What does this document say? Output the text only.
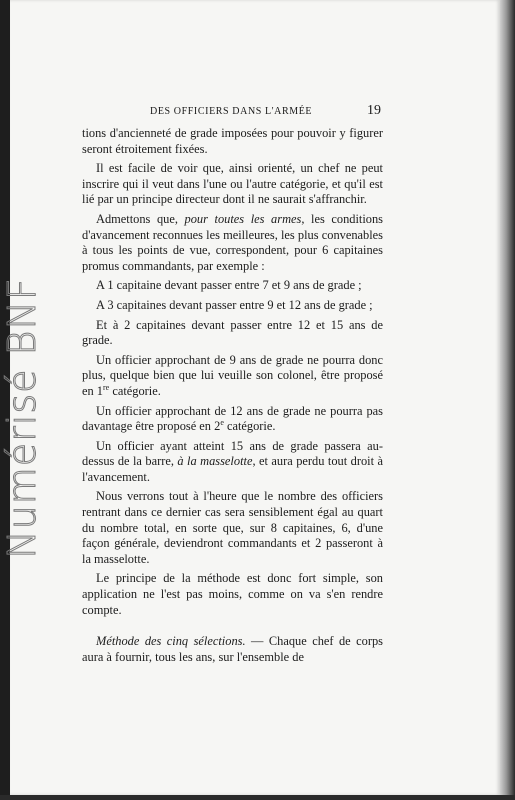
Numérisé BNF
DES OFFICIERS DANS L'ARMÉE	19

tions d'ancienneté de grade imposées pour pouvoir y figurer seront étroitement fixées.

Il est facile de voir que, ainsi orienté, un chef ne peut inscrire qui il veut dans l'une ou l'autre catégorie, et qu'il est lié par un principe directeur dont il ne saurait s'affranchir.

Admettons que, pour toutes les armes, les conditions d'avancement reconnues les meilleures, les plus convenables à tous les points de vue, correspondent, pour 6 capitaines promus commandants, par exemple :

A 1 capitaine devant passer entre 7 et 9 ans de grade ;

A 3 capitaines devant passer entre 9 et 12 ans de grade ;

Et à 2 capitaines devant passer entre 12 et 15 ans de grade.

Un officier approchant de 9 ans de grade ne pourra donc plus, quelque bien que lui veuille son colonel, être proposé en 1re catégorie.

Un officier approchant de 12 ans de grade ne pourra pas davantage être proposé en 2e catégorie.

Un officier ayant atteint 15 ans de grade passera au-dessus de la barre, à la masselotte, et aura perdu tout droit à l'avancement.

Nous verrons tout à l'heure que le nombre des officiers rentrant dans ce dernier cas sera sensiblement égal au quart du nombre total, en sorte que, sur 8 capitaines, 6, d'une façon générale, deviendront commandants et 2 passeront à la masselotte.

Le principe de la méthode est donc fort simple, son application ne l'est pas moins, comme on va s'en rendre compte.

Méthode des cinq sélections. — Chaque chef de corps aura à fournir, tous les ans, sur l'ensemble de
